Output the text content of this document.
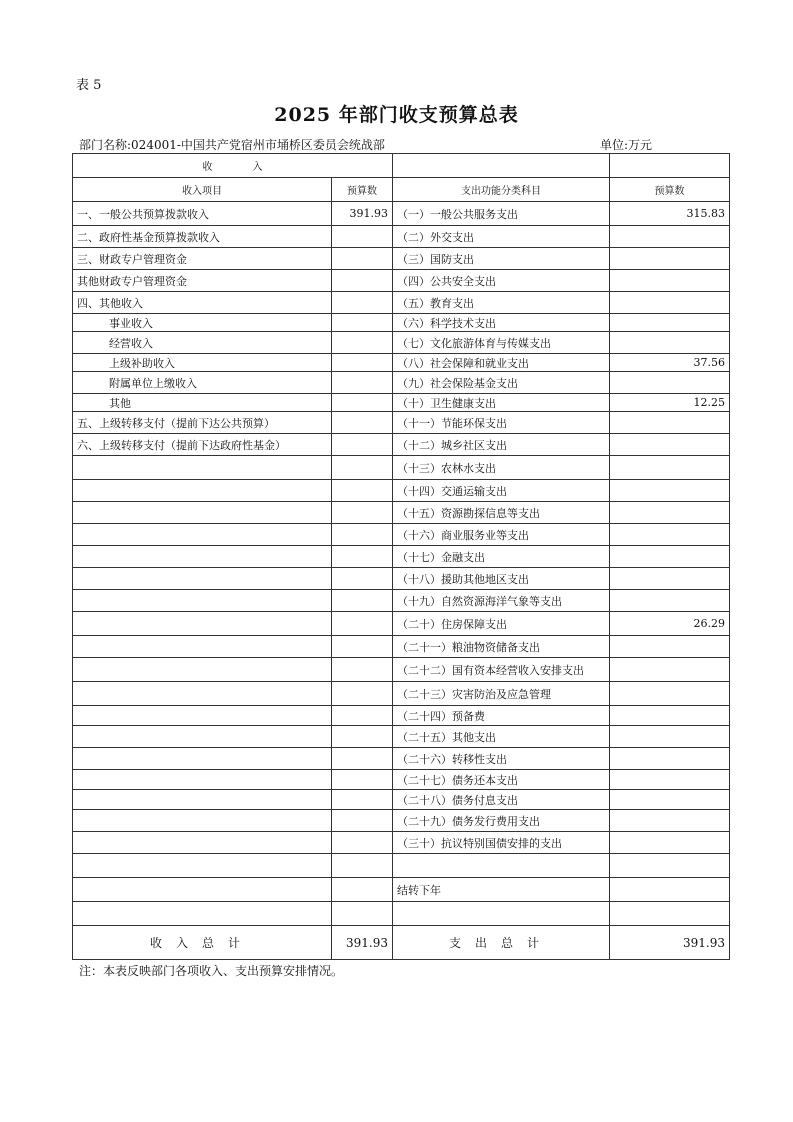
表 5
2025 年部门收支预算总表
部门名称:024001-中国共产党宿州市埇桥区委员会统战部	单位:万元
收　　　　入			
收入项目	预算数	支出功能分类科目	预算数
一、一般公共预算拨款收入	391.93	（一）一般公共服务支出	315.83
二、政府性基金预算拨款收入		（二）外交支出	
三、财政专户管理资金		（三）国防支出	
其他财政专户管理资金		（四）公共安全支出	
四、其他收入		（五）教育支出	
事业收入		（六）科学技术支出	
经营收入		（七）文化旅游体育与传媒支出	
上级补助收入		（八）社会保障和就业支出	37.56
附属单位上缴收入		（九）社会保险基金支出	
其他		（十）卫生健康支出	12.25
五、上级转移支付（提前下达公共预算）		（十一）节能环保支出	
六、上级转移支付（提前下达政府性基金）		（十二）城乡社区支出	
		（十三）农林水支出	
		（十四）交通运输支出	
		（十五）资源勘探信息等支出	
		（十六）商业服务业等支出	
		（十七）金融支出	
		（十八）援助其他地区支出	
		（十九）自然资源海洋气象等支出	
		（二十）住房保障支出	26.29
		（二十一）粮油物资储备支出	
		（二十二）国有资本经营收入安排支出	
		（二十三）灾害防治及应急管理	
		（二十四）预备费	
		（二十五）其他支出	
		（二十六）转移性支出	
		（二十七）债务还本支出	
		（二十八）债务付息支出	
		（二十九）债务发行费用支出	
		（三十）抗议特别国债安排的支出	

		结转下年	

收入总计	391.93	支出总计	391.93
注：本表反映部门各项收入、支出预算安排情况。
